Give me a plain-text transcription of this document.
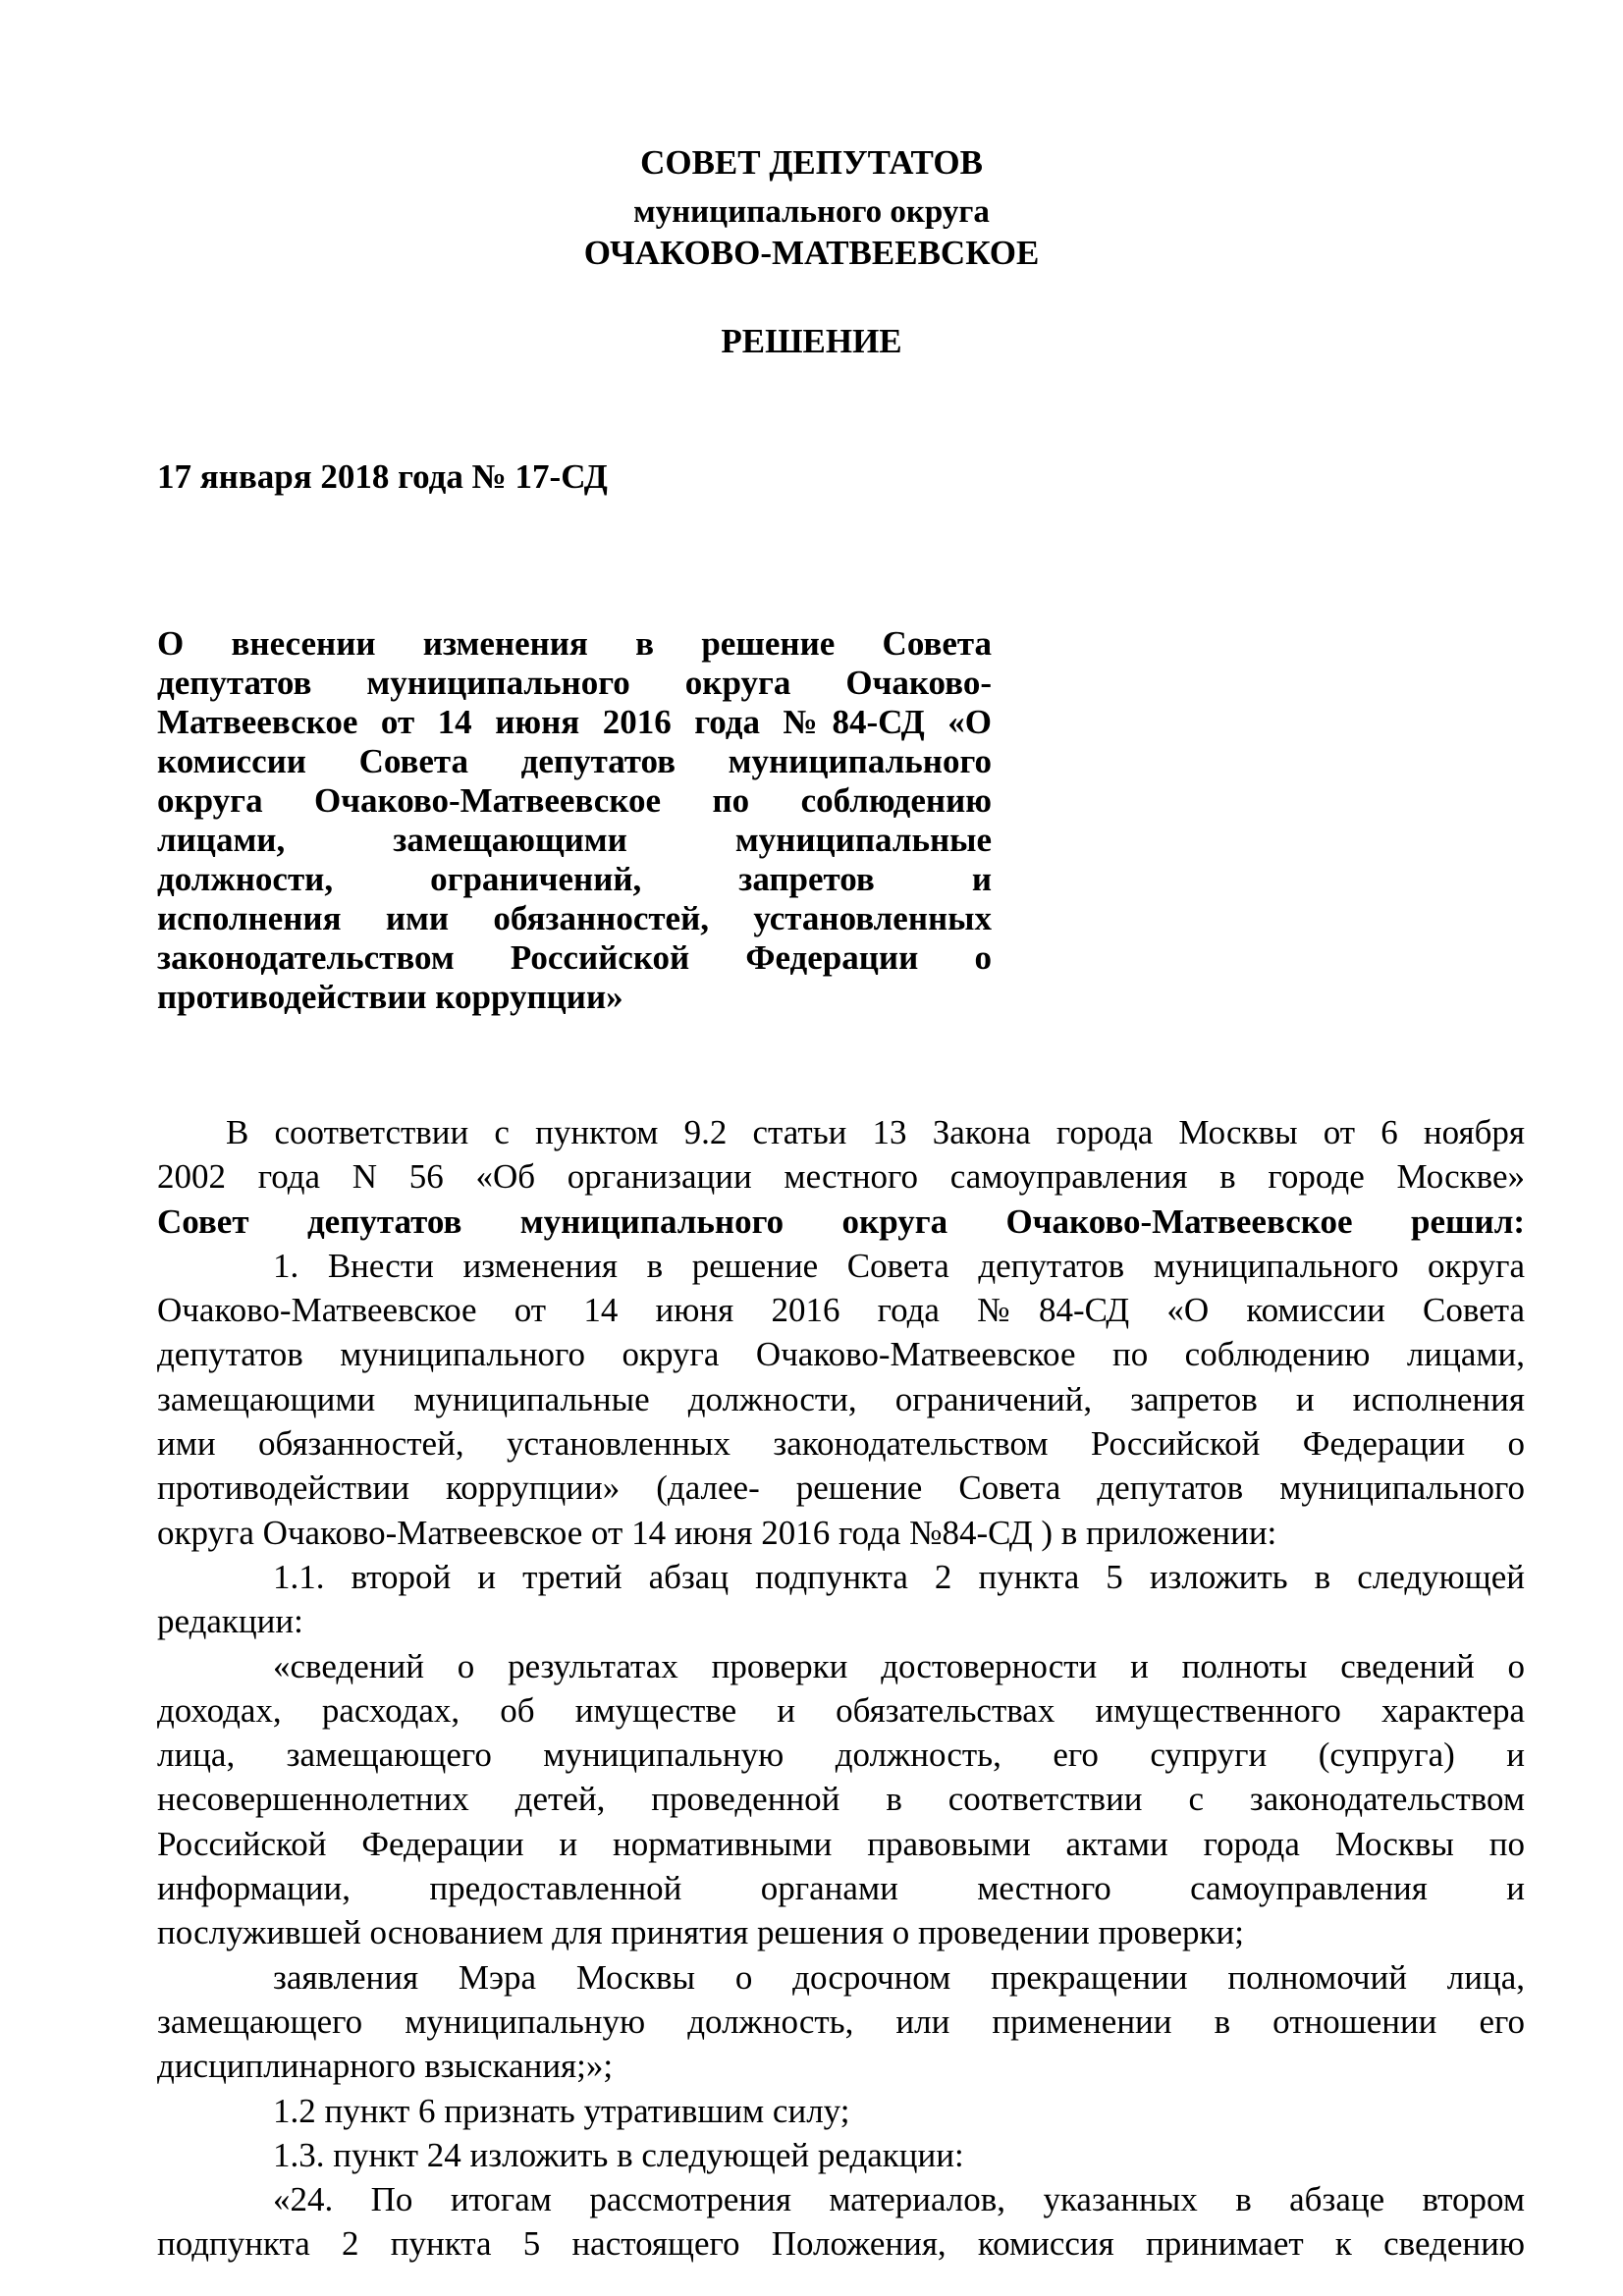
СОВЕТ ДЕПУТАТОВ
муниципального округа
ОЧАКОВО-МАТВЕЕВСКОЕ
РЕШЕНИЕ
17 января 2018 года № 17-СД
О внесении изменения в решение Совета
депутатов муниципального округа Очаково-
Матвеевское от 14 июня 2016 года №84-СД «О
комиссии Совета депутатов муниципального
округа Очаково-Матвеевское по соблюдению
лицами, замещающими муниципальные
должности, ограничений, запретов и
исполнения ими обязанностей, установленных
законодательством Российской Федерации о
противодействии коррупции»
В соответствии с пунктом 9.2 статьи 13 Закона города Москвы от 6 ноября
2002 года N 56 «Об организации местного самоуправления в городе Москве»
Совет депутатов муниципального округа Очаково-Матвеевское решил:
1. Внести изменения в решение Совета депутатов муниципального округа
Очаково-Матвеевское от 14 июня 2016 года №84-СД «О комиссии Совета
депутатов муниципального округа Очаково-Матвеевское по соблюдению лицами,
замещающими муниципальные должности, ограничений, запретов и исполнения
ими обязанностей, установленных законодательством Российской Федерации о
противодействии коррупции» (далее- решение Совета депутатов муниципального
округа Очаково-Матвеевское от 14 июня 2016 года №84-СД ) в приложении:
1.1. второй и третий абзац подпункта 2 пункта 5 изложить в следующей
редакции:
«сведений о результатах проверки достоверности и полноты сведений о
доходах, расходах, об имуществе и обязательствах имущественного характера
лица, замещающего муниципальную должность, его супруги (супруга) и
несовершеннолетних детей, проведенной в соответствии с законодательством
Российской Федерации и нормативными правовыми актами города Москвы по
информации, предоставленной органами местного самоуправления и
послужившей основанием для принятия решения о проведении проверки;
заявления Мэра Москвы о досрочном прекращении полномочий лица,
замещающего муниципальную должность, или применении в отношении его
дисциплинарного взыскания;»;
1.2 пункт 6 признать утратившим силу;
1.3. пункт 24 изложить в следующей редакции:
«24. По итогам рассмотрения материалов, указанных в абзаце втором
подпункта 2 пункта 5 настоящего Положения, комиссия принимает к сведению
